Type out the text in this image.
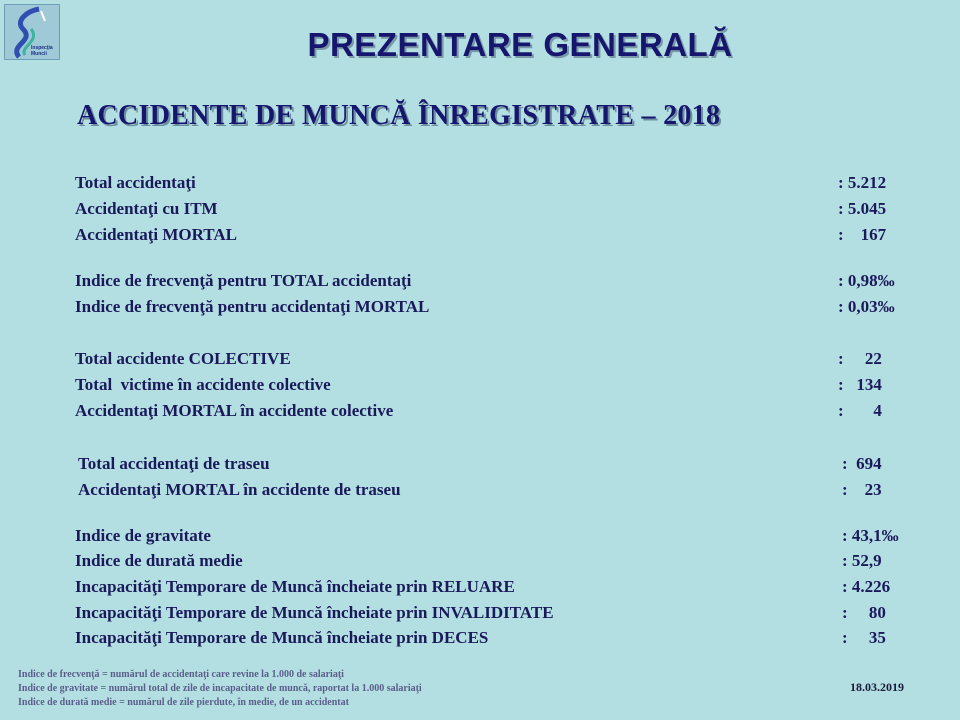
Inspecţia
Muncii	PREZENTARE GENERALĂ
ACCIDENTE DE MUNCĂ ÎNREGISTRATE – 2018
Total accidentaţi	: 5.212
Accidentaţi cu ITM	: 5.045
Accidentaţi MORTAL	:    167
Indice de frecvenţă pentru TOTAL accidentaţi	: 0,98‰
Indice de frecvenţă pentru accidentaţi MORTAL	: 0,03‰
Total accidente COLECTIVE	:     22
Total  victime în accidente colective	:   134
Accidentaţi MORTAL în accidente colective	:       4
Total accidentaţi de traseu	:  694
Accidentaţi MORTAL în accidente de traseu	:    23
Indice de gravitate	: 43,1‰
Indice de durată medie	: 52,9
Incapacităţi Temporare de Muncă încheiate prin RELUARE	: 4.226
Incapacităţi Temporare de Muncă încheiate prin INVALIDITATE	:     80
Incapacităţi Temporare de Muncă încheiate prin DECES	:     35
Indice de frecvenţă = numărul de accidentaţi care revine la 1.000 de salariaţi
Indice de gravitate = numărul total de zile de incapacitate de muncă, raportat la 1.000 salariaţi
Indice de durată medie = numărul de zile pierdute, în medie, de un accidentat
18.03.2019
